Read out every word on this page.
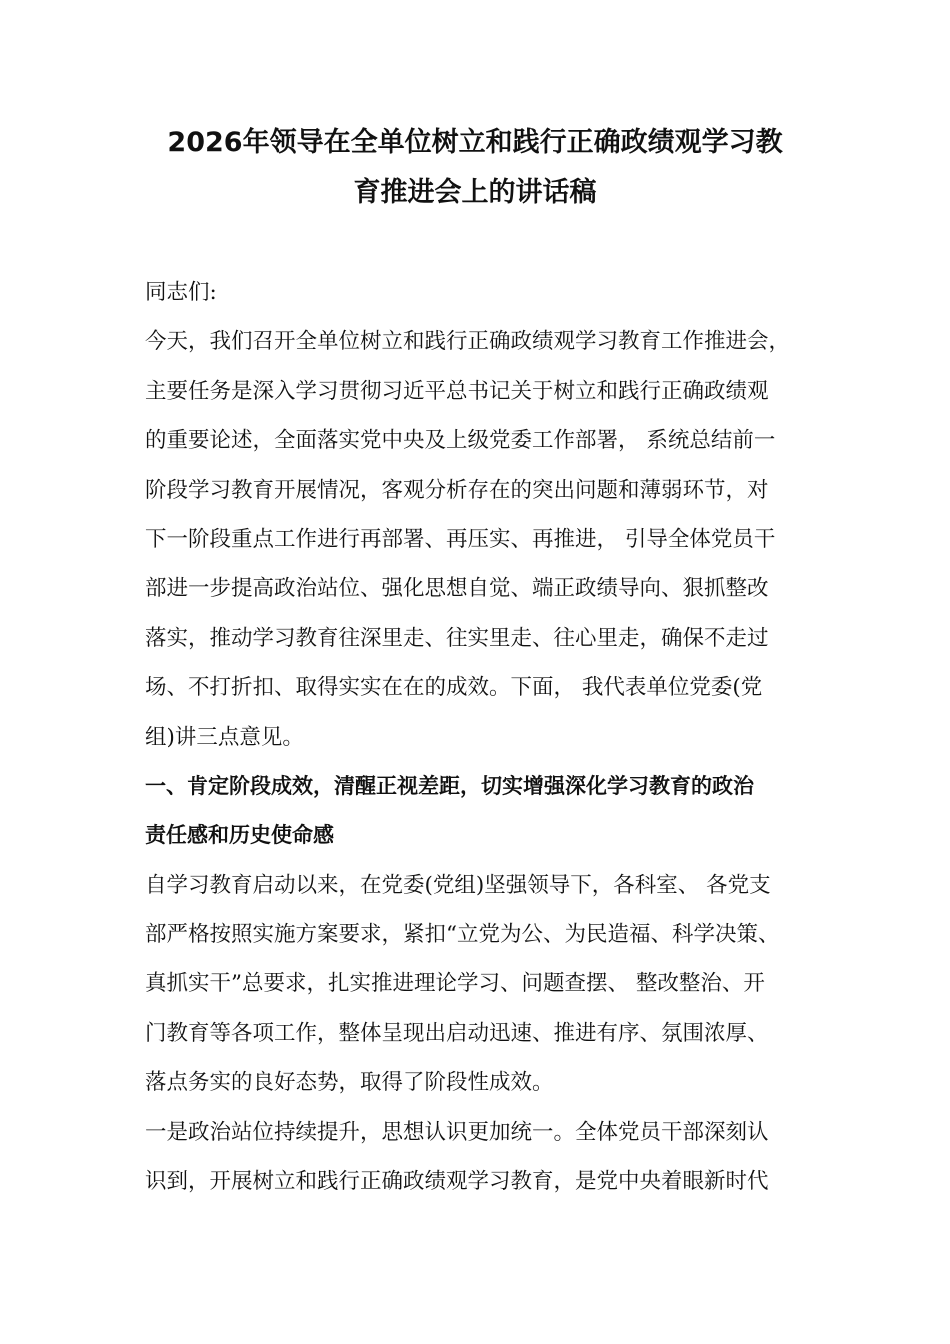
2026年领导在全单位树立和践行正确政绩观学习教
育推进会上的讲话稿
同志们:
今天，我们召开全单位树立和践行正确政绩观学习教育工作推进会，
主要任务是深入学习贯彻习近平总书记关于树立和践行正确政绩观
的重要论述，全面落实党中央及上级党委工作部署， 系统总结前一
阶段学习教育开展情况，客观分析存在的突出问题和薄弱环节，对
下一阶段重点工作进行再部署、再压实、再推进， 引导全体党员干
部进一步提高政治站位、强化思想自觉、端正政绩导向、狠抓整改
落实，推动学习教育往深里走、往实里走、往心里走，确保不走过
场、不打折扣、取得实实在在的成效。下面， 我代表单位党委(党
组)讲三点意见。
一、肯定阶段成效，清醒正视差距，切实增强深化学习教育的政治
责任感和历史使命感
自学习教育启动以来，在党委(党组)坚强领导下，各科室、 各党支
部严格按照实施方案要求，紧扣“立党为公、为民造福、科学决策、
真抓实干”总要求，扎实推进理论学习、问题查摆、 整改整治、开
门教育等各项工作，整体呈现出启动迅速、推进有序、氛围浓厚、
落点务实的良好态势，取得了阶段性成效。
一是政治站位持续提升，思想认识更加统一。全体党员干部深刻认
识到，开展树立和践行正确政绩观学习教育，是党中央着眼新时代
